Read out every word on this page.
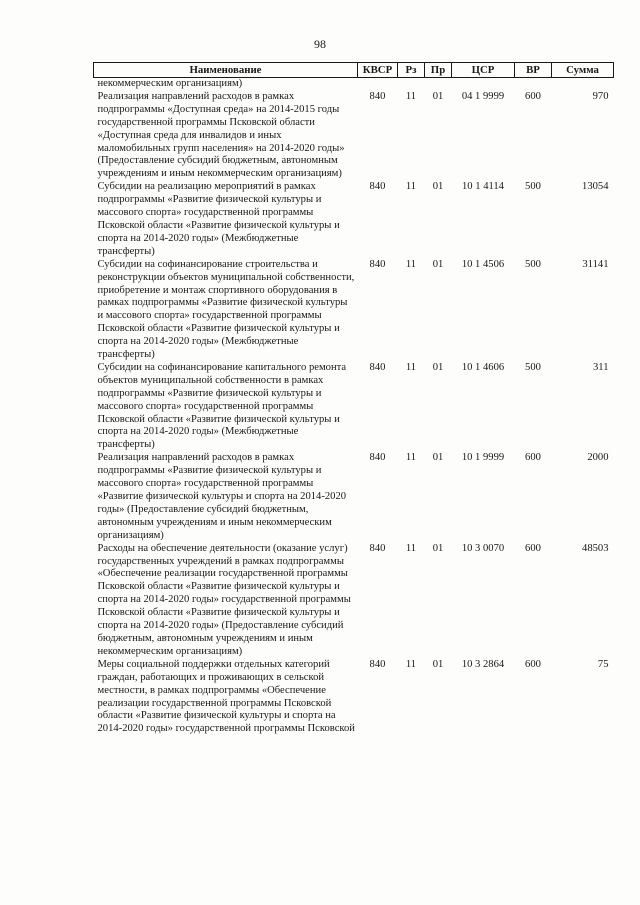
98
Наименование	КВСР	Рз	Пр	ЦСР	ВР	Сумма
некоммерческим организациям)						
Реализация направлений расходов в рамках подпрограммы «Доступная среда» на 2014-2015 годы государственной программы Псковской области «Доступная среда для инвалидов и иных маломобильных групп населения» на 2014-2020 годы» (Предоставление субсидий бюджетным, автономным учреждениям и иным некоммерческим организациям)	840	11	01	04 1 9999	600	970
Субсидии на реализацию мероприятий в рамках подпрограммы «Развитие физической культуры и массового спорта» государственной программы Псковской области «Развитие физической культуры и спорта на 2014-2020 годы» (Межбюджетные трансферты)	840	11	01	10 1 4114	500	13054
Субсидии на софинансирование строительства и реконструкции объектов муниципальной собственности, приобретение и монтаж спортивного оборудования в рамках подпрограммы «Развитие физической культуры и массового спорта» государственной программы Псковской области «Развитие физической культуры и спорта на 2014-2020 годы» (Межбюджетные трансферты)	840	11	01	10 1 4506	500	31141
Субсидии на софинансирование капитального ремонта объектов муниципальной собственности в рамках подпрограммы «Развитие физической культуры и массового спорта» государственной программы Псковской области «Развитие физической культуры и спорта на 2014-2020 годы» (Межбюджетные трансферты)	840	11	01	10 1 4606	500	311
Реализация направлений расходов в рамках подпрограммы «Развитие физической культуры и массового спорта» государственной программы «Развитие физической культуры и спорта на 2014-2020 годы» (Предоставление субсидий бюджетным, автономным учреждениям и иным некоммерческим организациям)	840	11	01	10 1 9999	600	2000
Расходы на обеспечение деятельности (оказание услуг) государственных учреждений в рамках подпрограммы «Обеспечение реализации государственной программы Псковской области «Развитие физической культуры и спорта на 2014-2020 годы» государственной программы Псковской области «Развитие физической культуры и спорта на 2014-2020 годы» (Предоставление субсидий бюджетным, автономным учреждениям и иным некоммерческим организациям)	840	11	01	10 3 0070	600	48503
Меры социальной поддержки отдельных категорий граждан, работающих и проживающих в сельской местности, в рамках подпрограммы «Обеспечение реализации государственной программы Псковской области «Развитие физической культуры и спорта на 2014-2020 годы» государственной программы Псковской	840	11	01	10 3 2864	600	75
